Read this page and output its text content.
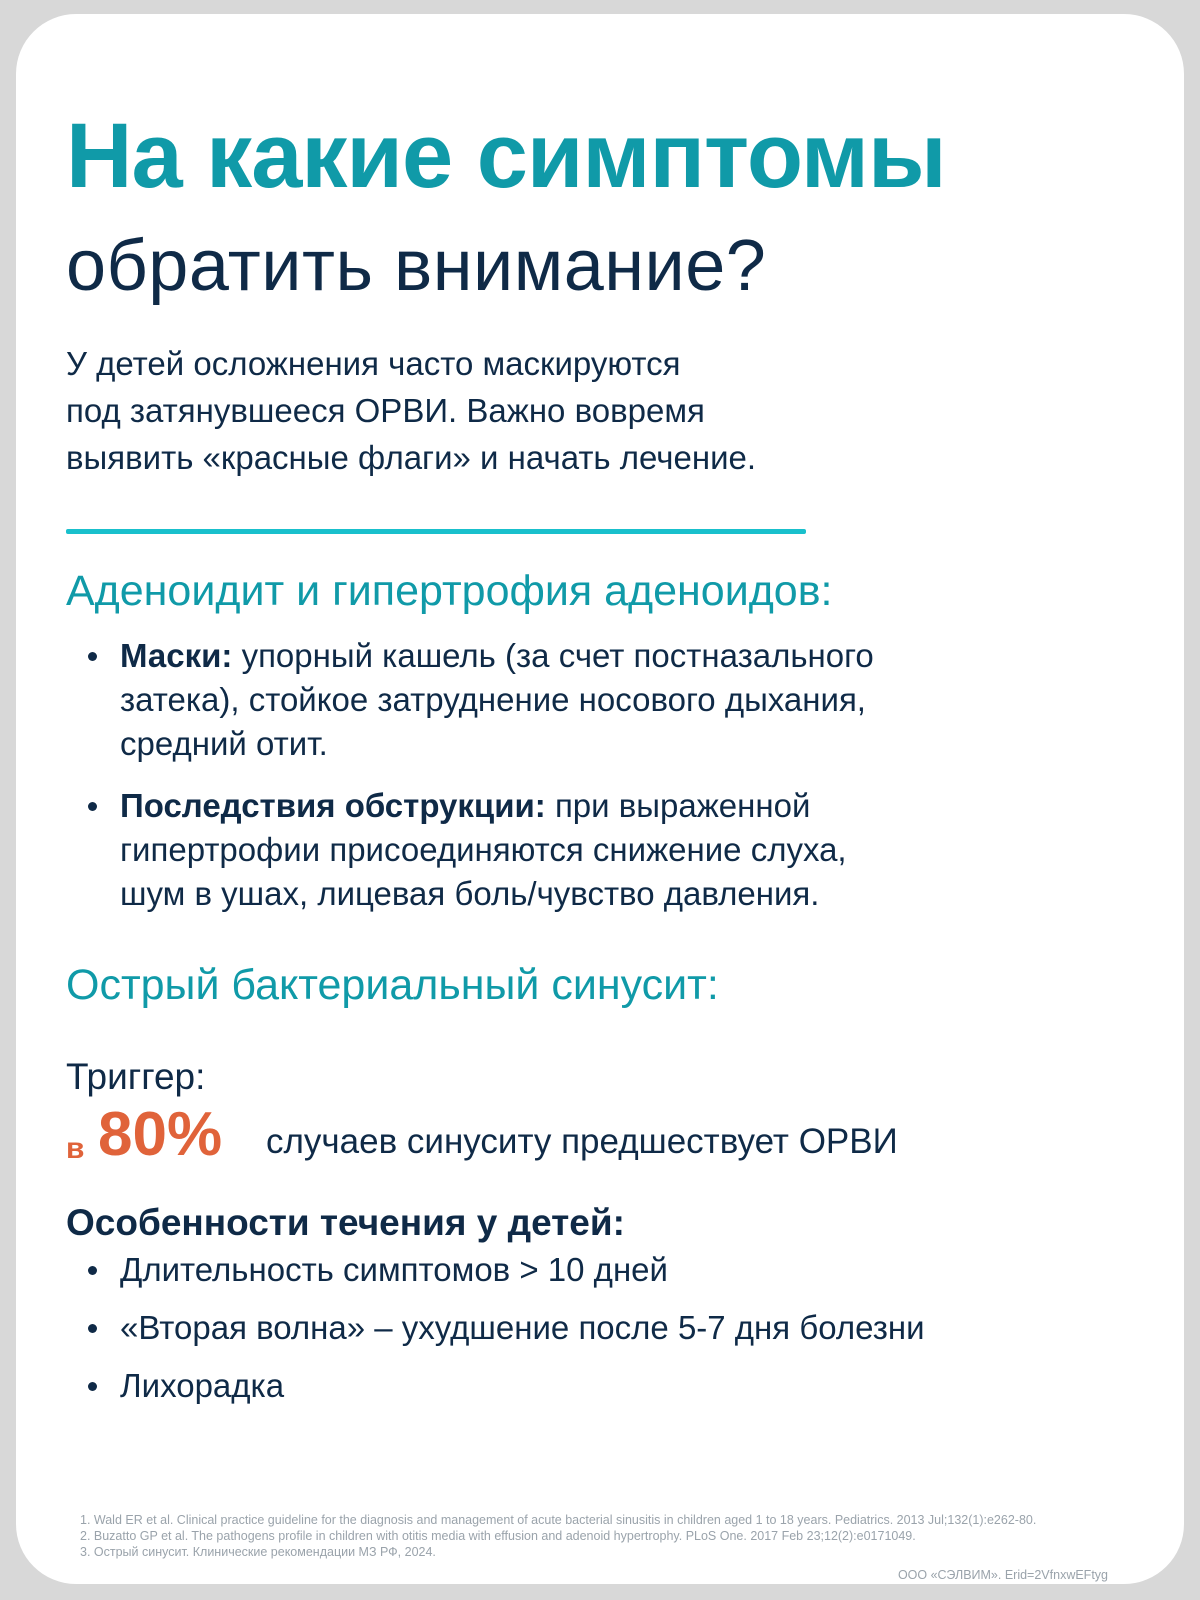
На какие симптомы
обратить внимание?

У детей осложнения часто маскируются
под затянувшееся ОРВИ. Важно вовремя
выявить «красные флаги» и начать лечение.

Аденоидит и гипертрофия аденоидов:
Маски: упорный кашель (за счет постназального
затека), стойкое затруднение носового дыхания,
средний отит.
Последствия обструкции: при выраженной
гипертрофии присоединяются снижение слуха,
шум в ушах, лицевая боль/чувство давления.
Острый бактериальный синусит:

Триггер:

в 80% случаев синуситу предшествует ОРВИ
Особенности течения у детей:
Длительность симптомов > 10 дней
«Вторая волна» – ухудшение после 5-7 дня болезни
Лихорадка
1. Wald ER et al. Clinical practice guideline for the diagnosis and management of acute bacterial sinusitis in children aged 1 to 18 years. Pediatrics. 2013 Jul;132(1):e262-80.
2. Buzatto GP et al. The pathogens profile in children with otitis media with effusion and adenoid hypertrophy. PLoS One. 2017 Feb 23;12(2):e0171049.
3. Острый синусит. Клинические рекомендации МЗ РФ, 2024.
ООО «СЭЛВИМ». Erid=2VfnxwEFtyg
